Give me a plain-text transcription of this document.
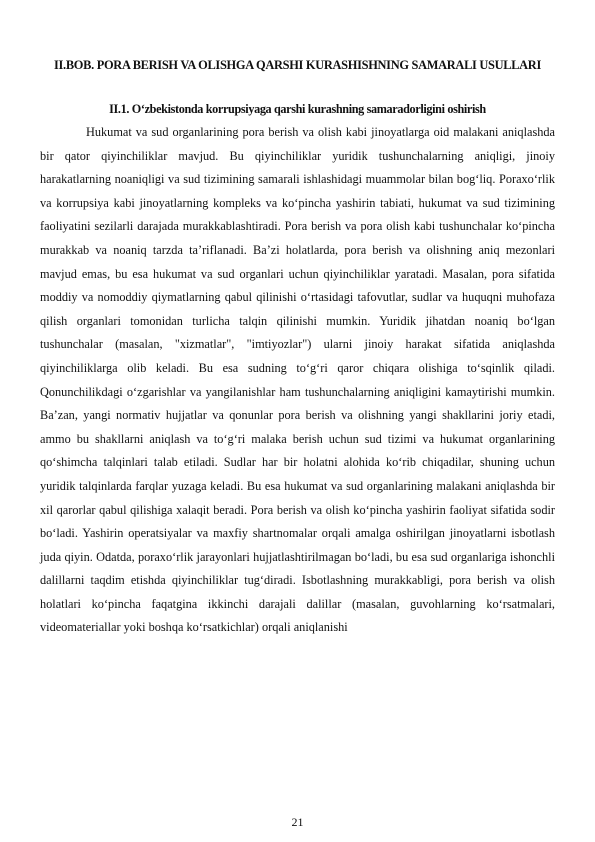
II.BOB. PORA BERISH VA OLISHGA QARSHI KURASHISHNING SAMARALI USULLARI
II.1. O‘zbekistonda korrupsiyaga qarshi kurashning samaradorligini oshirish
Hukumat va sud organlarining pora berish va olish kabi jinoyatlarga oid malakani aniqlashda bir qator qiyinchiliklar mavjud. Bu qiyinchiliklar yuridik tushunchalarning aniqligi, jinoiy harakatlarning noaniqligi va sud tizimining samarali ishlashidagi muammolar bilan bog‘liq. Poraxo‘rlik va korrupsiya kabi jinoyatlarning kompleks va ko‘pincha yashirin tabiati, hukumat va sud tizimining faoliyatini sezilarli darajada murakkablashtiradi. Pora berish va pora olish kabi tushunchalar ko‘pincha murakkab va noaniq tarzda ta’riflanadi. Ba’zi holatlarda, pora berish va olishning aniq mezonlari mavjud emas, bu esa hukumat va sud organlari uchun qiyinchiliklar yaratadi. Masalan, pora sifatida moddiy va nomoddiy qiymatlarning qabul qilinishi o‘rtasidagi tafovutlar, sudlar va huquqni muhofaza qilish organlari tomonidan turlicha talqin qilinishi mumkin. Yuridik jihatdan noaniq bo‘lgan tushunchalar (masalan, "xizmatlar", "imtiyozlar") ularni jinoiy harakat sifatida aniqlashda qiyinchiliklarga olib keladi. Bu esa sudning to‘g‘ri qaror chiqara olishiga to‘sqinlik qiladi. Qonunchilikdagi o‘zgarishlar va yangilanishlar ham tushunchalarning aniqligini kamaytirishi mumkin. Ba’zan, yangi normativ hujjatlar va qonunlar pora berish va olishning yangi shakllarini joriy etadi, ammo bu shakllarni aniqlash va to‘g‘ri malaka berish uchun sud tizimi va hukumat organlarining qo‘shimcha talqinlari talab etiladi. Sudlar har bir holatni alohida ko‘rib chiqadilar, shuning uchun yuridik talqinlarda farqlar yuzaga keladi. Bu esa hukumat va sud organlarining malakani aniqlashda bir xil qarorlar qabul qilishiga xalaqit beradi. Pora berish va olish ko‘pincha yashirin faoliyat sifatida sodir bo‘ladi. Yashirin operatsiyalar va maxfiy shartnomalar orqali amalga oshirilgan jinoyatlarni isbotlash juda qiyin. Odatda, poraxo‘rlik jarayonlari hujjatlashtirilmagan bo‘ladi, bu esa sud organlariga ishonchli dalillarni taqdim etishda qiyinchiliklar tug‘diradi. Isbotlashning murakkabligi, pora berish va olish holatlari ko‘pincha faqatgina ikkinchi darajali dalillar (masalan, guvohlarning ko‘rsatmalari, videomateriallar yoki boshqa ko‘rsatkichlar) orqali aniqlanishi
21
